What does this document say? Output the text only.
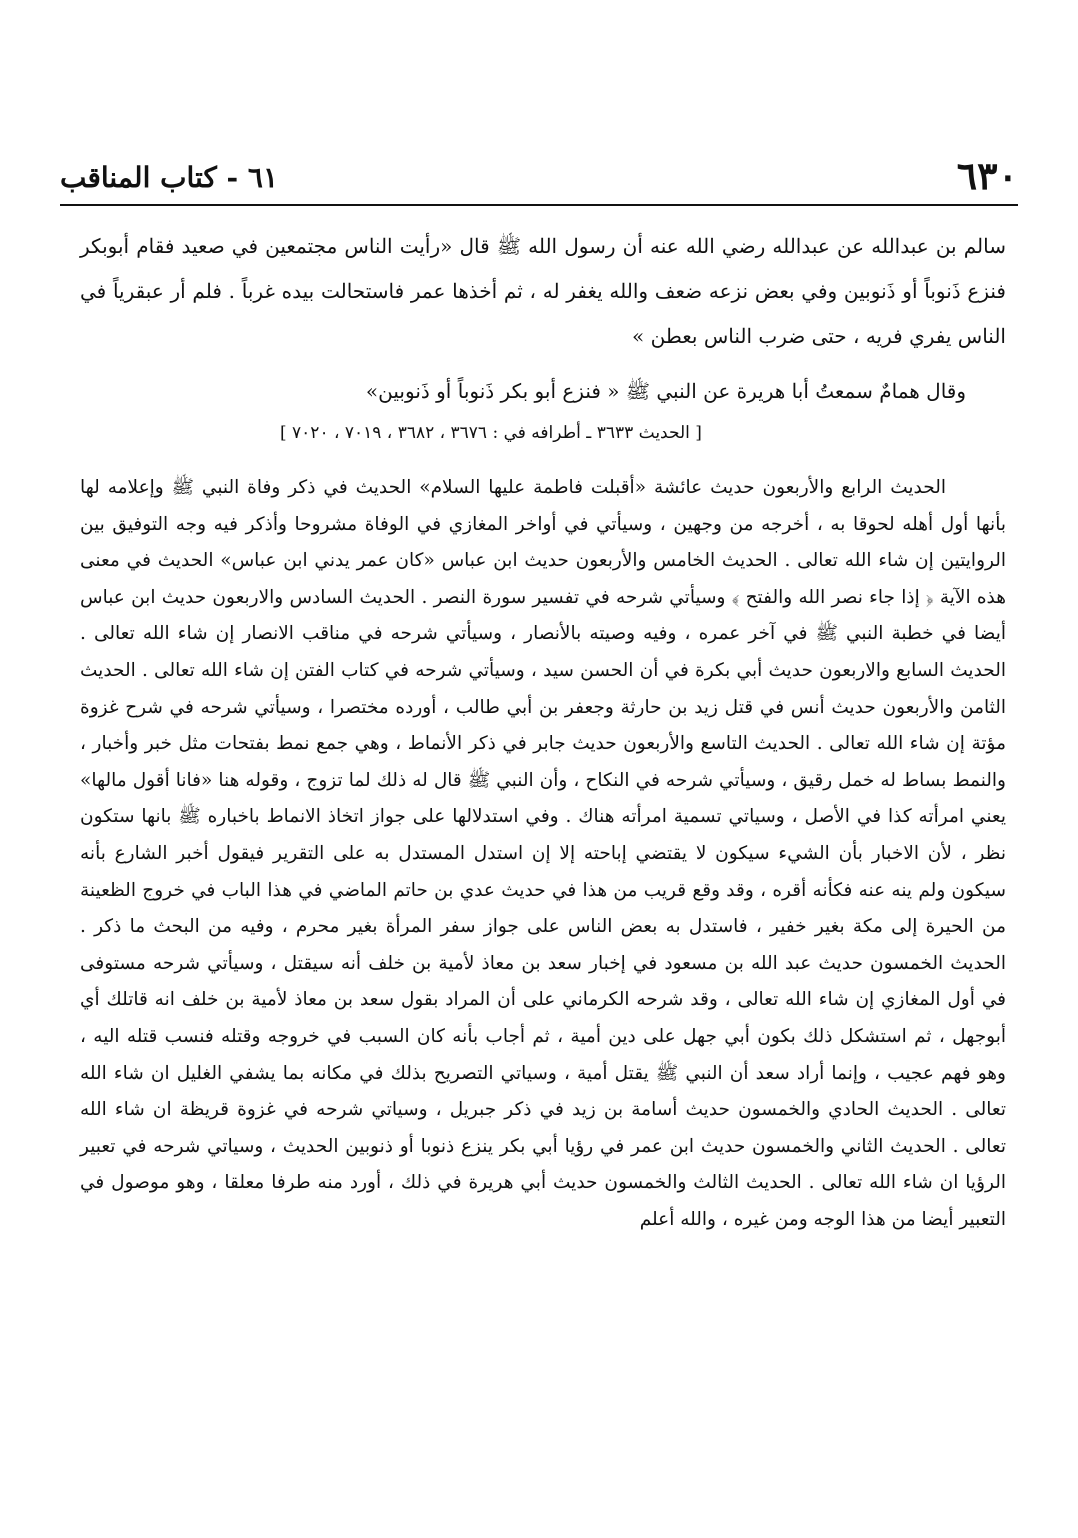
٦٣٠
٦١ - كتاب المناقب

سالم بن عبدالله عن عبدالله رضي الله عنه أن رسول الله ﷺ قال «رأيت الناس مجتمعين في صعيد فقام أبوبكر فنزع ذَنوباً أو ذَنوبين وفي بعض نزعه ضعف والله يغفر له ، ثم أخذها عمر فاستحالت بيده غرباً . فلم أر عبقرياً في الناس يفري فريه ، حتى ضرب الناس بعطن »

وقال همامٌ سمعتُ أبا هريرة عن النبي ﷺ « فنزع أبو بكر ذَنوباً أو ذَنوبين»

[ الحديث ٣٦٣٣ ـ أطرافه في : ٣٦٧٦ ، ٣٦٨٢ ، ٧٠١٩ ، ٧٠٢٠ ]

الحديث الرابع والأربعون حديث عائشة «أقبلت فاطمة عليها السلام» الحديث في ذكر وفاة النبي ﷺ وإعلامه لها بأنها أول أهله لحوقا به ، أخرجه من وجهين ، وسيأتي في أواخر المغازي في الوفاة مشروحا وأذكر فيه وجه التوفيق بين الروايتين إن شاء الله تعالى . الحديث الخامس والأربعون حديث ابن عباس «كان عمر يدني ابن عباس» الحديث في معنى هذه الآية ﴿ إذا جاء نصر الله والفتح ﴾ وسيأتي شرحه في تفسير سورة النصر . الحديث السادس والاربعون حديث ابن عباس أيضا في خطبة النبي ﷺ في آخر عمره ، وفيه وصيته بالأنصار ، وسيأتي شرحه في مناقب الانصار إن شاء الله تعالى . الحديث السابع والاربعون حديث أبي بكرة في أن الحسن سيد ، وسيأتي شرحه في كتاب الفتن إن شاء الله تعالى . الحديث الثامن والأربعون حديث أنس في قتل زيد بن حارثة وجعفر بن أبي طالب ، أورده مختصرا ، وسيأتي شرحه في شرح غزوة مؤتة إن شاء الله تعالى . الحديث التاسع والأربعون حديث جابر في ذكر الأنماط ، وهي جمع نمط بفتحات مثل خبر وأخبار ، والنمط بساط له خمل رقيق ، وسيأتي شرحه في النكاح ، وأن النبي ﷺ قال له ذلك لما تزوج ، وقوله هنا «فانا أقول مالها» يعني امرأته كذا في الأصل ، وسياتي تسمية امرأته هناك . وفي استدلالها على جواز اتخاذ الانماط باخباره ﷺ بانها ستكون نظر ، لأن الاخبار بأن الشيء سيكون لا يقتضي إباحته إلا إن استدل المستدل به على التقرير فيقول أخبر الشارع بأنه سيكون ولم ينه عنه فكأنه أقره ، وقد وقع قريب من هذا في حديث عدي بن حاتم الماضي في هذا الباب في خروج الظعينة من الحيرة إلى مكة بغير خفير ، فاستدل به بعض الناس على جواز سفر المرأة بغير محرم ، وفيه من البحث ما ذكر . الحديث الخمسون حديث عبد الله بن مسعود في إخبار سعد بن معاذ لأمية بن خلف أنه سيقتل ، وسيأتي شرحه مستوفى في أول المغازي إن شاء الله تعالى ، وقد شرحه الكرماني على أن المراد بقول سعد بن معاذ لأمية بن خلف انه قاتلك أي أبوجهل ، ثم استشكل ذلك بكون أبي جهل على دين أمية ، ثم أجاب بأنه كان السبب في خروجه وقتله فنسب قتله اليه ، وهو فهم عجيب ، وإنما أراد سعد أن النبي ﷺ يقتل أمية ، وسياتي التصريح بذلك في مكانه بما يشفي الغليل ان شاء الله تعالى . الحديث الحادي والخمسون حديث أسامة بن زيد في ذكر جبريل ، وسياتي شرحه في غزوة قريظة ان شاء الله تعالى . الحديث الثاني والخمسون حديث ابن عمر في رؤيا أبي بكر ينزع ذنوبا أو ذنوبين الحديث ، وسياتي شرحه في تعبير الرؤيا ان شاء الله تعالى . الحديث الثالث والخمسون حديث أبي هريرة في ذلك ، أورد منه طرفا معلقا ، وهو موصول في التعبير أيضا من هذا الوجه ومن غيره ، والله أعلم
